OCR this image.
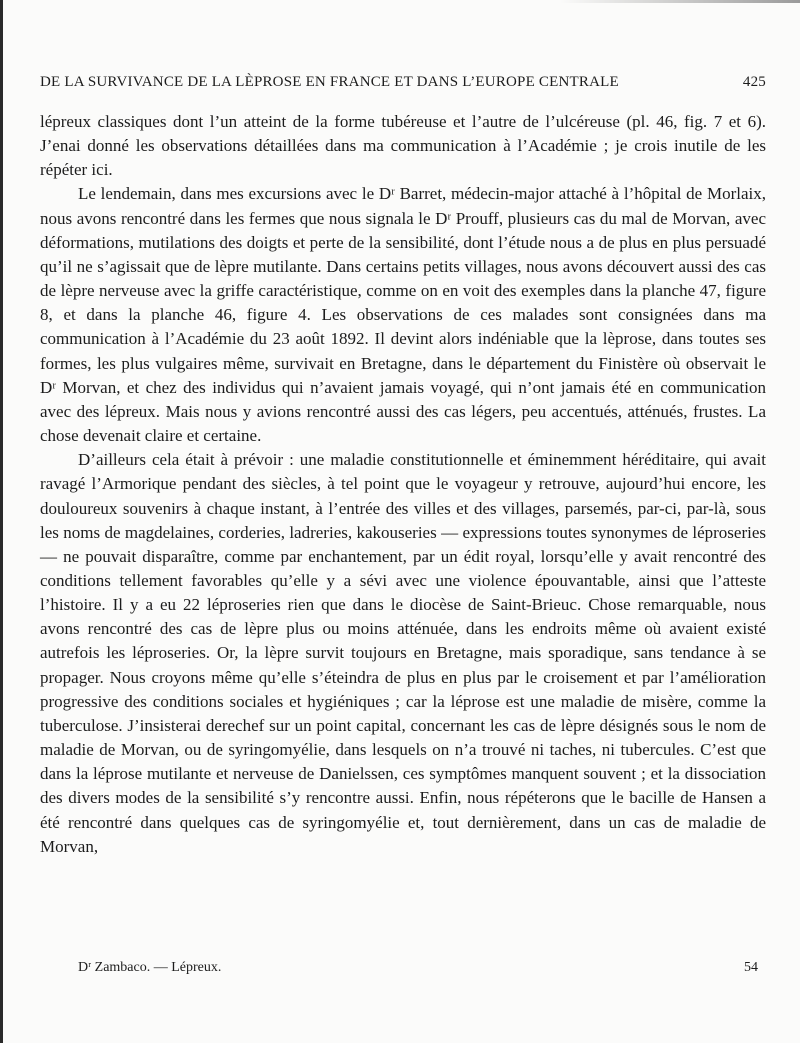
DE LA SURVIVANCE DE LA LÈPROSE EN FRANCE ET DANS L’EUROPE CENTRALE	425

lépreux classiques dont l’un atteint de la forme tubéreuse et l’autre de l’ulcéreuse (pl. 46, fig. 7 et 6). J’enai donné les observations détaillées dans ma communication à l’Académie ; je crois inutile de les répéter ici.

Le lendemain, dans mes excursions avec le Dʳ Barret, médecin-major attaché à l’hôpital de Morlaix, nous avons rencontré dans les fermes que nous signala le Dʳ Prouff, plusieurs cas du mal de Morvan, avec déformations, mutilations des doigts et perte de la sensibilité, dont l’étude nous a de plus en plus persuadé qu’il ne s’agissait que de lèpre mutilante. Dans certains petits villages, nous avons découvert aussi des cas de lèpre nerveuse avec la griffe caractéristique, comme on en voit des exemples dans la planche 47, figure 8, et dans la planche 46, figure 4. Les observations de ces malades sont consignées dans ma communication à l’Académie du 23 août 1892. Il devint alors indéniable que la lèprose, dans toutes ses formes, les plus vulgaires même, survivait en Bretagne, dans le département du Finistère où observait le Dʳ Morvan, et chez des individus qui n’avaient jamais voyagé, qui n’ont jamais été en communication avec des lépreux. Mais nous y avions rencontré aussi des cas légers, peu accentués, atténués, frustes. La chose devenait claire et certaine.

D’ailleurs cela était à prévoir : une maladie constitutionnelle et éminemment héréditaire, qui avait ravagé l’Armorique pendant des siècles, à tel point que le voyageur y retrouve, aujourd’hui encore, les douloureux souvenirs à chaque instant, à l’entrée des villes et des villages, parsemés, par-ci, par-là, sous les noms de magdelaines, corderies, ladreries, kakouseries — expressions toutes synonymes de léproseries — ne pouvait disparaître, comme par enchantement, par un édit royal, lorsqu’elle y avait rencontré des conditions tellement favorables qu’elle y a sévi avec une violence épouvantable, ainsi que l’atteste l’histoire. Il y a eu 22 léproseries rien que dans le diocèse de Saint-Brieuc. Chose remarquable, nous avons rencontré des cas de lèpre plus ou moins atténuée, dans les endroits même où avaient existé autrefois les léproseries. Or, la lèpre survit toujours en Bretagne, mais sporadique, sans tendance à se propager. Nous croyons même qu’elle s’éteindra de plus en plus par le croisement et par l’amélioration progressive des conditions sociales et hygiéniques ; car la léprose est une maladie de misère, comme la tuberculose. J’insisterai derechef sur un point capital, concernant les cas de lèpre désignés sous le nom de maladie de Morvan, ou de syringomyélie, dans lesquels on n’a trouvé ni taches, ni tubercules. C’est que dans la léprose mutilante et nerveuse de Danielssen, ces symptômes manquent souvent ; et la dissociation des divers modes de la sensibilité s’y rencontre aussi. Enfin, nous répéterons que le bacille de Hansen a été rencontré dans quelques cas de syringomyélie et, tout dernièrement, dans un cas de maladie de Morvan,

Dʳ Zambaco. — Lépreux.	54
